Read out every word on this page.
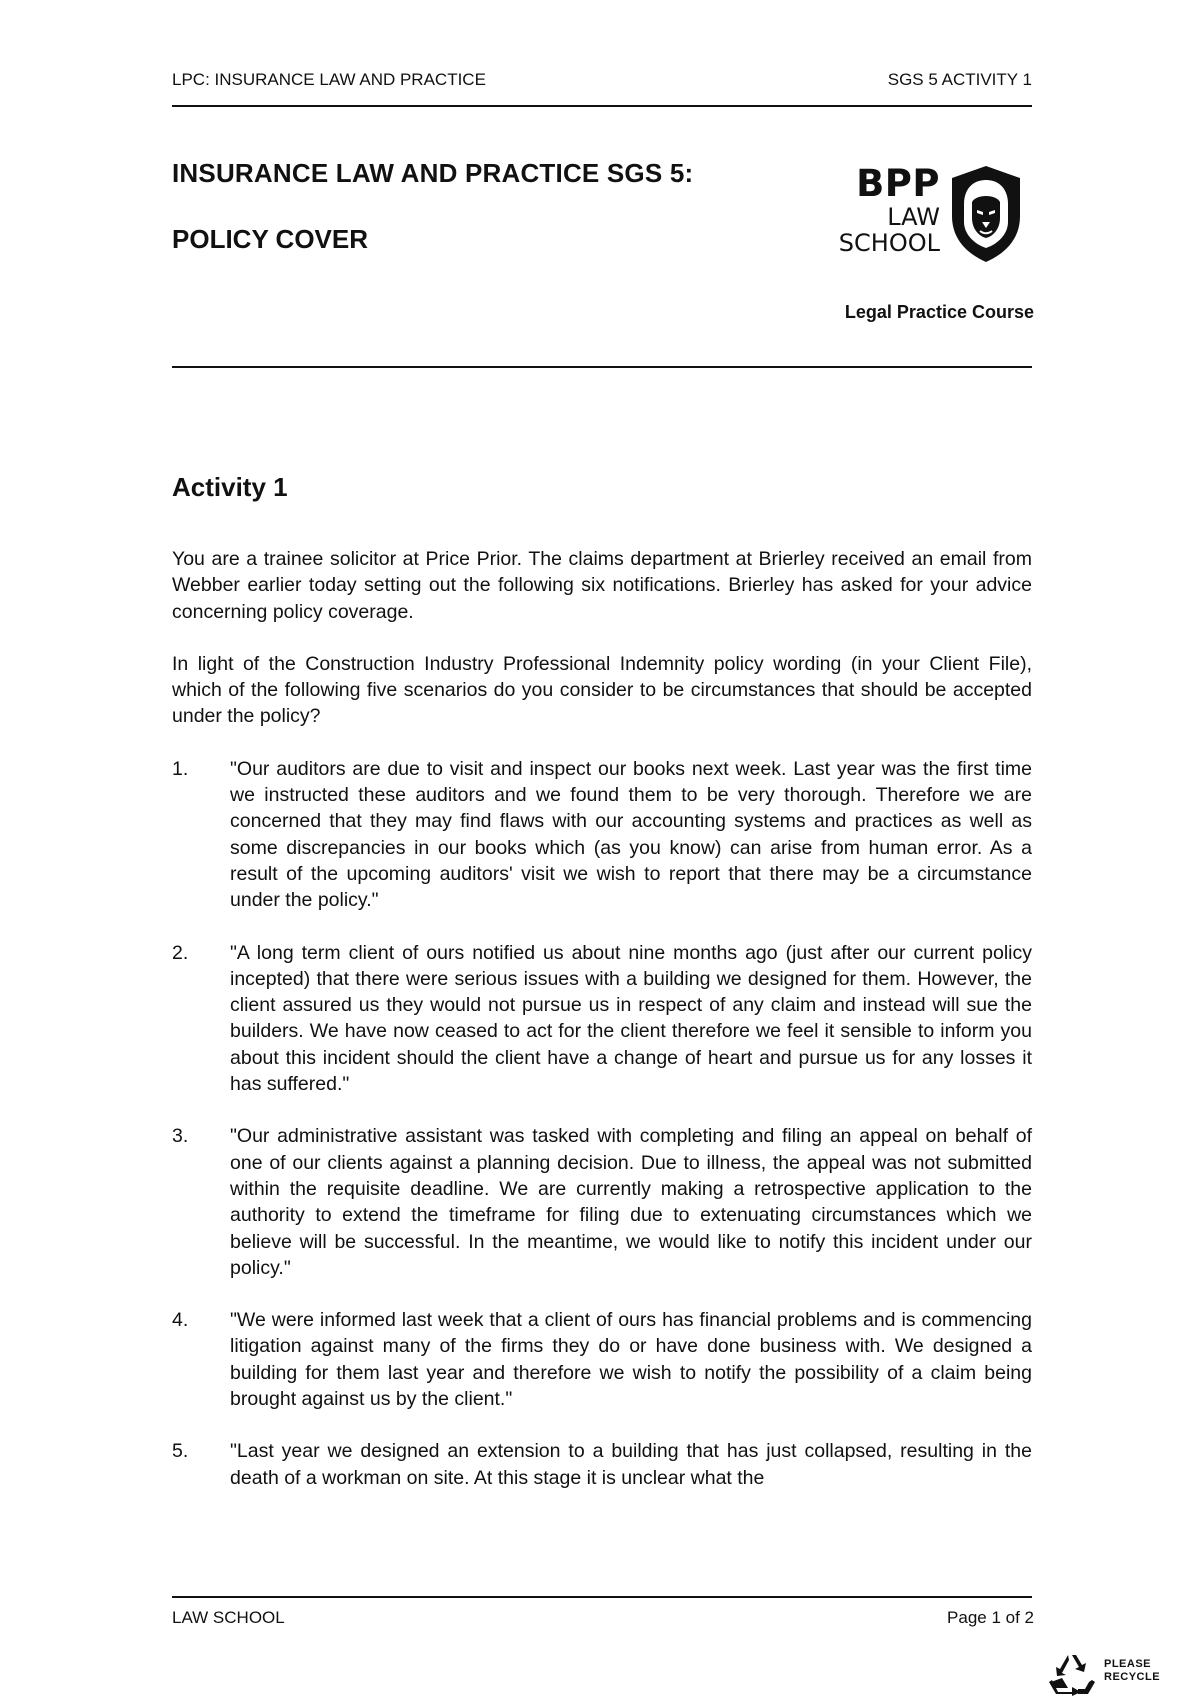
LPC: INSURANCE LAW AND PRACTICE	SGS 5 ACTIVITY 1
INSURANCE LAW AND PRACTICE SGS 5:
POLICY COVER
BPP
LAW
SCHOOL
Legal Practice Course
Activity 1

You are a trainee solicitor at Price Prior. The claims department at Brierley received an email from Webber earlier today setting out the following six notifications. Brierley has asked for your advice concerning policy coverage.

In light of the Construction Industry Professional Indemnity policy wording (in your Client File), which of the following five scenarios do you consider to be circumstances that should be accepted under the policy?

1.	"Our auditors are due to visit and inspect our books next week. Last year was the first time we instructed these auditors and we found them to be very thorough. Therefore we are concerned that they may find flaws with our accounting systems and practices as well as some discrepancies in our books which (as you know) can arise from human error. As a result of the upcoming auditors' visit we wish to report that there may be a circumstance under the policy."
2.	"A long term client of ours notified us about nine months ago (just after our current policy incepted) that there were serious issues with a building we designed for them. However, the client assured us they would not pursue us in respect of any claim and instead will sue the builders. We have now ceased to act for the client therefore we feel it sensible to inform you about this incident should the client have a change of heart and pursue us for any losses it has suffered."
3.	"Our administrative assistant was tasked with completing and filing an appeal on behalf of one of our clients against a planning decision. Due to illness, the appeal was not submitted within the requisite deadline. We are currently making a retrospective application to the authority to extend the timeframe for filing due to extenuating circumstances which we believe will be successful. In the meantime, we would like to notify this incident under our policy."
4.	"We were informed last week that a client of ours has financial problems and is commencing litigation against many of the firms they do or have done business with. We designed a building for them last year and therefore we wish to notify the possibility of a claim being brought against us by the client."
5.	"Last year we designed an extension to a building that has just collapsed, resulting in the death of a workman on site. At this stage it is unclear what the
LAW SCHOOL	Page 1 of 2
PLEASE
RECYCLE
